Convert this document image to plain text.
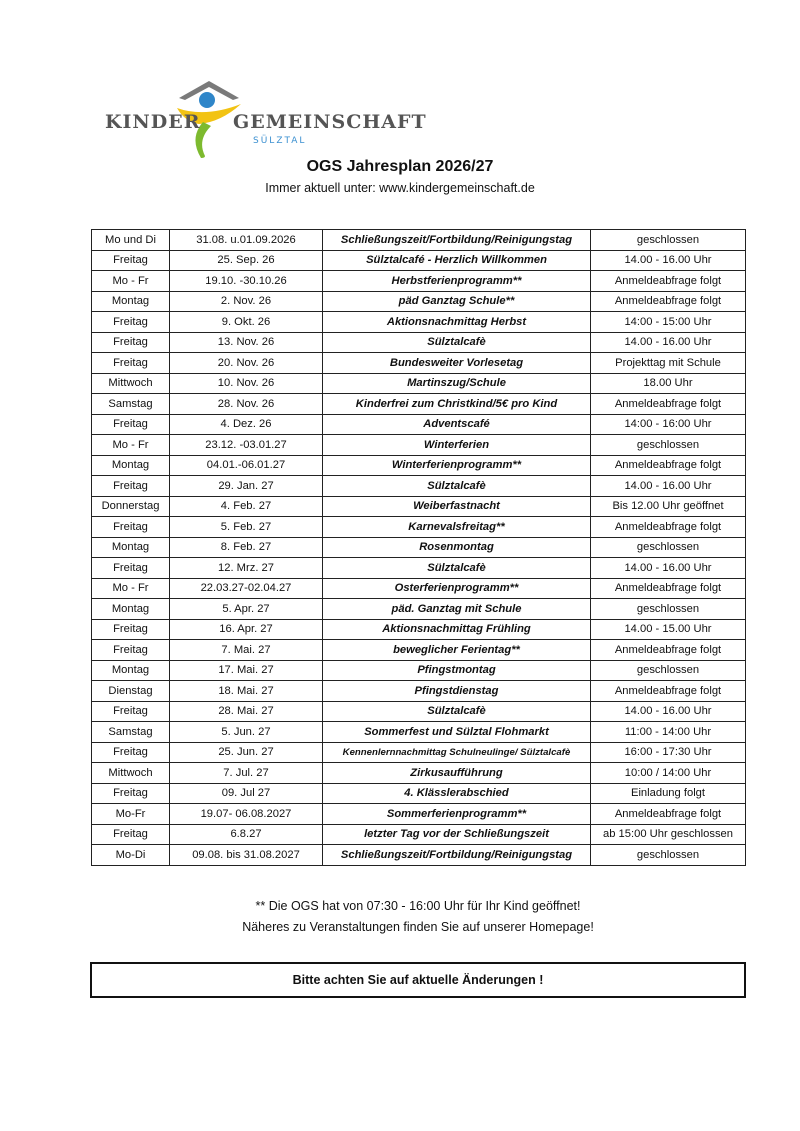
KINDER GEMEINSCHAFT
SÜLZTAL
OGS Jahresplan 2026/27
Immer aktuell unter: www.kindergemeinschaft.de
Mo und Di	31.08. u.01.09.2026	Schließungszeit/Fortbildung/Reinigungstag	geschlossen
Freitag	25. Sep. 26	Sülztalcafé - Herzlich Willkommen	14.00 - 16.00 Uhr
Mo - Fr	19.10. -30.10.26	Herbstferienprogramm**	Anmeldeabfrage folgt
Montag	2. Nov. 26	päd Ganztag Schule**	Anmeldeabfrage folgt
Freitag	9. Okt. 26	Aktionsnachmittag Herbst	14:00 - 15:00 Uhr
Freitag	13. Nov. 26	Sülztalcafè	14.00 - 16.00 Uhr
Freitag	20. Nov. 26	Bundesweiter Vorlesetag	Projekttag mit Schule
Mittwoch	10. Nov. 26	Martinszug/Schule	18.00 Uhr
Samstag	28. Nov. 26	Kinderfrei zum Christkind/5€ pro Kind	Anmeldeabfrage folgt
Freitag	4. Dez. 26	Adventscafé	14:00 - 16:00 Uhr
Mo - Fr	23.12. -03.01.27	Winterferien	geschlossen
Montag	04.01.-06.01.27	Winterferienprogramm**	Anmeldeabfrage folgt
Freitag	29. Jan. 27	Sülztalcafè	14.00 - 16.00 Uhr
Donnerstag	4. Feb. 27	Weiberfastnacht	Bis 12.00 Uhr geöffnet
Freitag	5. Feb. 27	Karnevalsfreitag**	Anmeldeabfrage folgt
Montag	8. Feb. 27	Rosenmontag	geschlossen
Freitag	12. Mrz. 27	Sülztalcafè	14.00 - 16.00 Uhr
Mo - Fr	22.03.27-02.04.27	Osterferienprogramm**	Anmeldeabfrage folgt
Montag	5. Apr. 27	päd. Ganztag mit Schule	geschlossen
Freitag	16. Apr. 27	Aktionsnachmittag Frühling	14.00 - 15.00 Uhr
Freitag	7. Mai. 27	beweglicher Ferientag**	Anmeldeabfrage folgt
Montag	17. Mai. 27	Pfingstmontag	geschlossen
Dienstag	18. Mai. 27	Pfingstdienstag	Anmeldeabfrage folgt
Freitag	28. Mai. 27	Sülztalcafè	14.00 - 16.00 Uhr
Samstag	5. Jun. 27	Sommerfest und Sülztal Flohmarkt	11:00 - 14:00 Uhr
Freitag	25. Jun. 27	Kennenlernnachmittag Schulneulinge/ Sülztalcafè	16:00 - 17:30 Uhr
Mittwoch	7. Jul. 27	Zirkusaufführung	10:00 / 14:00 Uhr
Freitag	09. Jul 27	4. Klässlerabschied	Einladung folgt
Mo-Fr	19.07- 06.08.2027	Sommerferienprogramm**	Anmeldeabfrage folgt
Freitag	6.8.27	letzter Tag vor der Schließungszeit	ab 15:00 Uhr geschlossen
Mo-Di	09.08. bis 31.08.2027	Schließungszeit/Fortbildung/Reinigungstag	geschlossen
** Die OGS hat von 07:30 - 16:00 Uhr für Ihr Kind geöffnet!
Näheres zu Veranstaltungen finden Sie auf unserer Homepage!
Bitte achten Sie auf aktuelle Änderungen !
